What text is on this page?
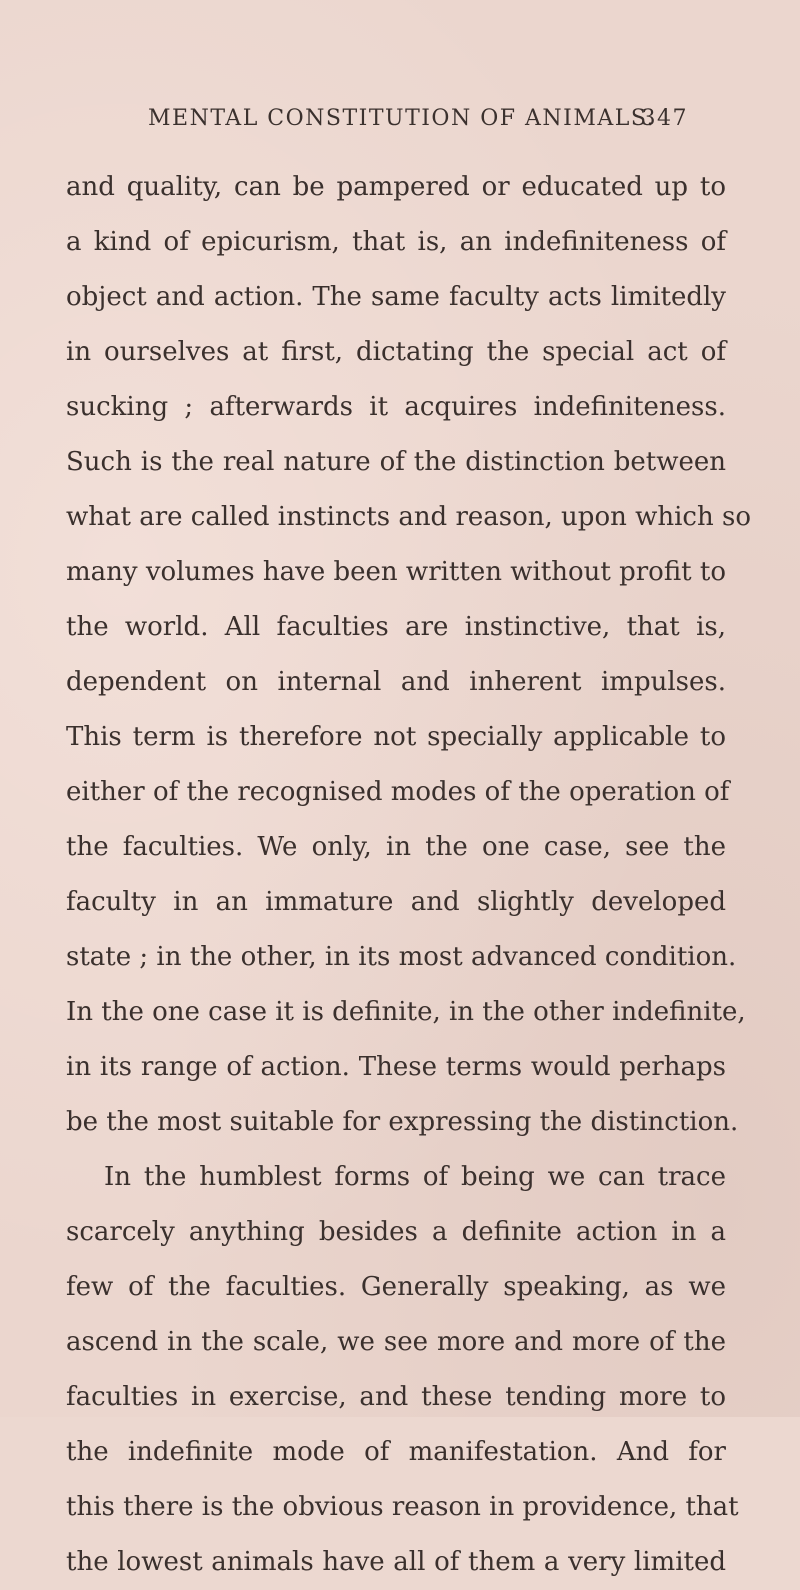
MENTAL CONSTITUTION OF ANIMALS.
347
and quality, can be pampered or educated up to
a kind of epicurism, that is, an indefiniteness of
object and action. The same faculty acts limitedly
in ourselves at first, dictating the special act of
sucking ; afterwards it acquires indefiniteness.
Such is the real nature of the distinction between
what are called instincts and reason, upon which so
many volumes have been written without profit to
the world. All faculties are instinctive, that is,
dependent on internal and inherent impulses.
This term is therefore not specially applicable to
either of the recognised modes of the operation of
the faculties. We only, in the one case, see the
faculty in an immature and slightly developed
state ; in the other, in its most advanced condition.
In the one case it is definite, in the other indefinite,
in its range of action. These terms would perhaps
be the most suitable for expressing the distinction.
In the humblest forms of being we can trace
scarcely anything besides a definite action in a
few of the faculties. Generally speaking, as we
ascend in the scale, we see more and more of the
faculties in exercise, and these tending more to
the indefinite mode of manifestation. And for
this there is the obvious reason in providence, that
the lowest animals have all of them a very limited
